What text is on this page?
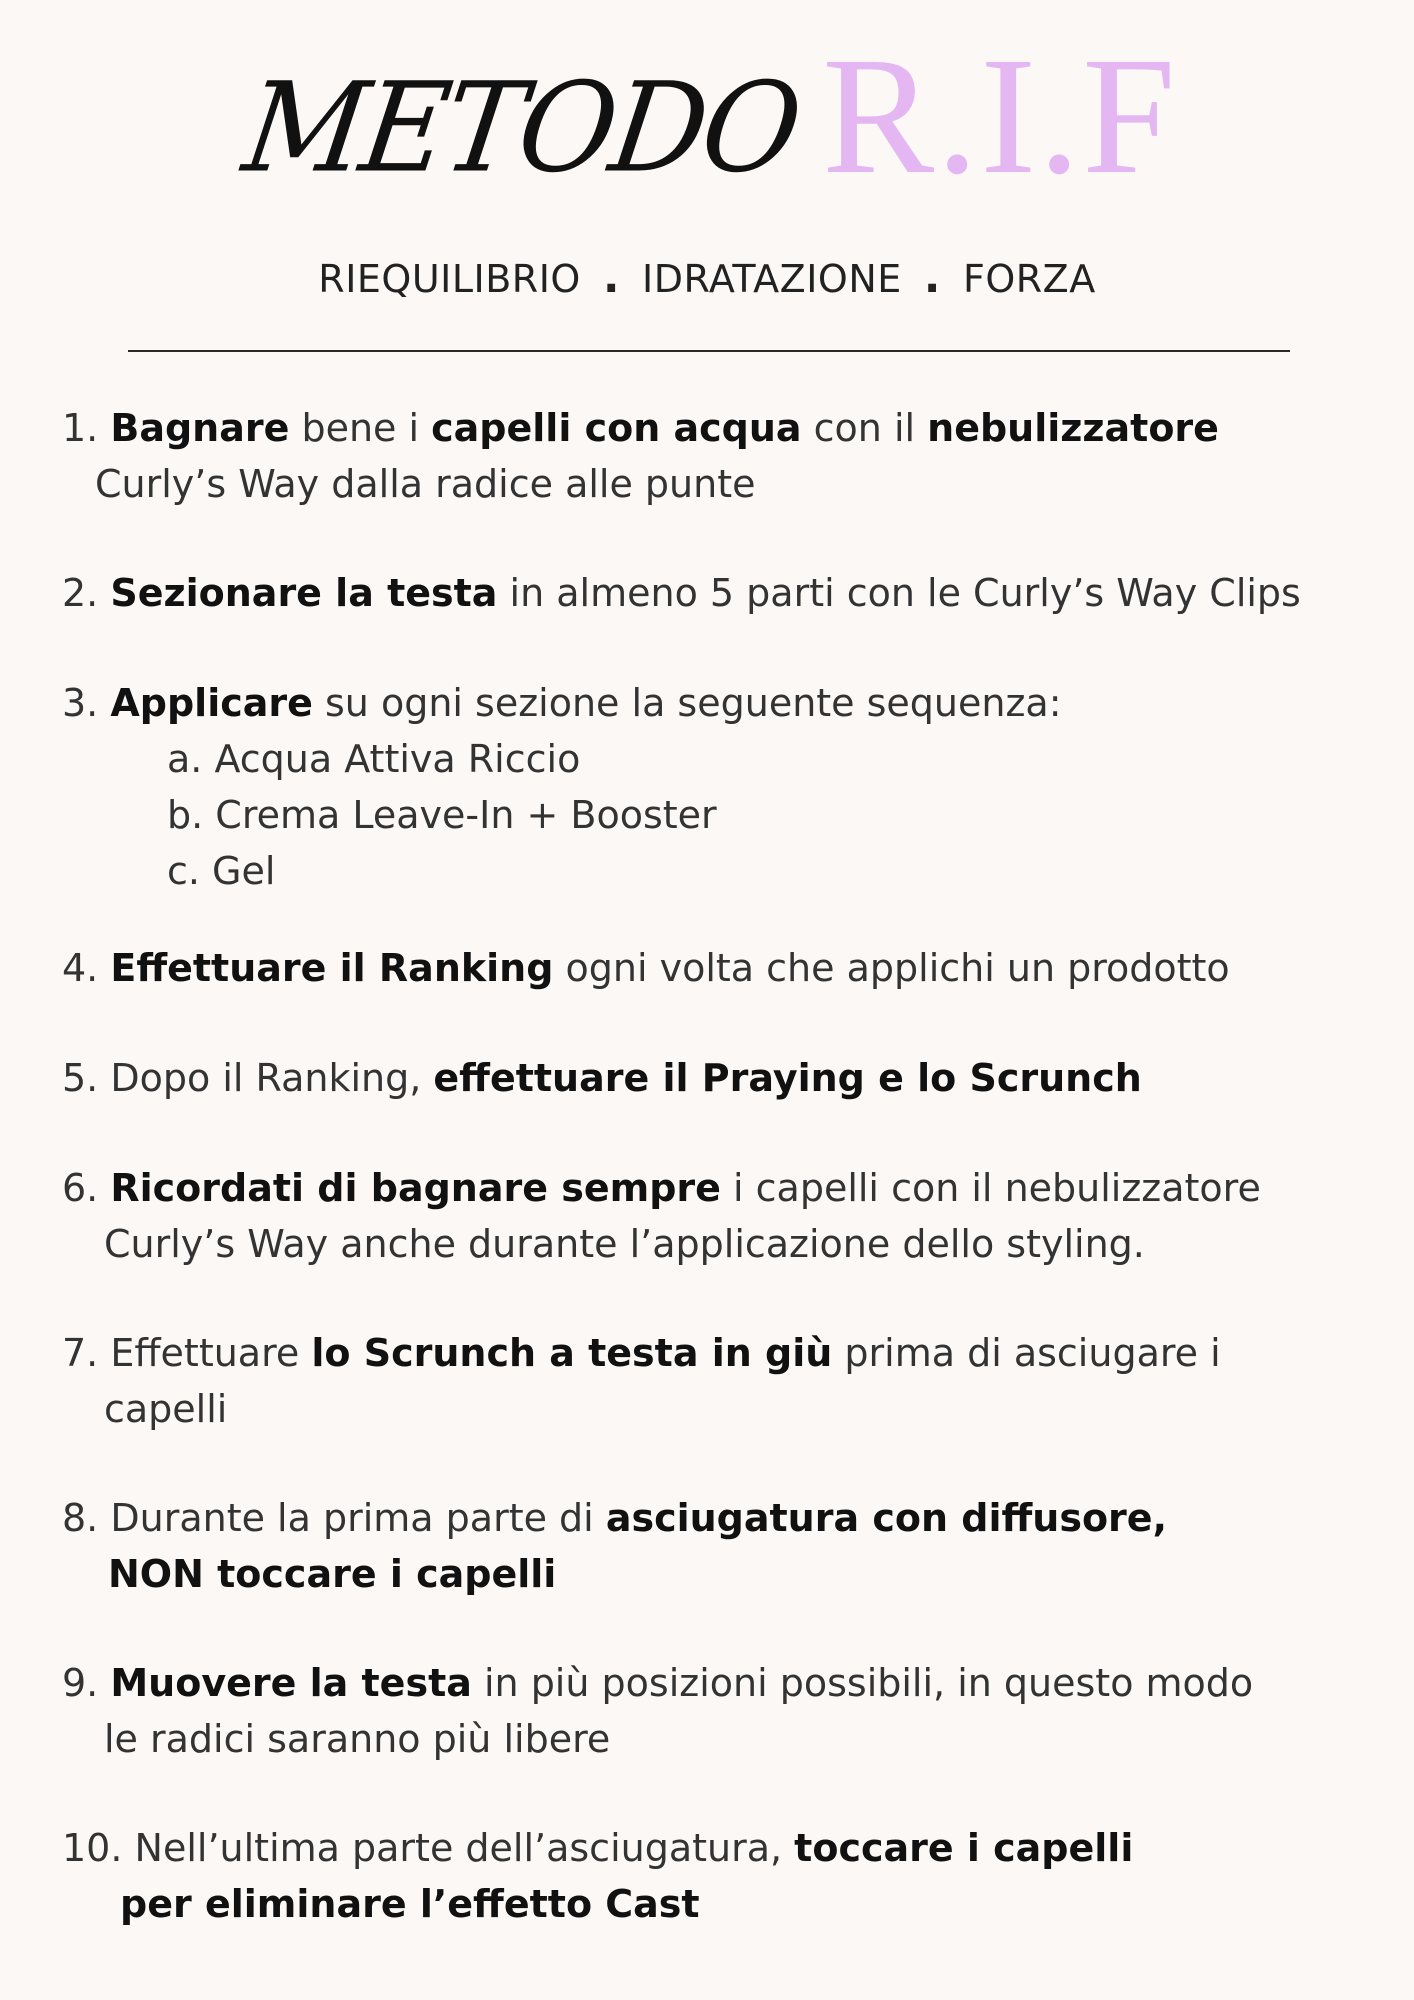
METODO R.I.F
RIEQUILIBRIO . IDRATAZIONE . FORZA
1. Bagnare bene i capelli con acqua con il nebulizzatore
Curly’s Way dalla radice alle punte
2. Sezionare la testa in almeno 5 parti con le Curly’s Way Clips
3. Applicare su ogni sezione la seguente sequenza:
a. Acqua Attiva Riccio
b. Crema Leave-In + Booster
c. Gel
4. Effettuare il Ranking ogni volta che applichi un prodotto
5. Dopo il Ranking, effettuare il Praying e lo Scrunch
6. Ricordati di bagnare sempre i capelli con il nebulizzatore
Curly’s Way anche durante l’applicazione dello styling.
7. Effettuare lo Scrunch a testa in giù prima di asciugare i
capelli
8. Durante la prima parte di asciugatura con diffusore,
NON toccare i capelli
9. Muovere la testa in più posizioni possibili, in questo modo
le radici saranno più libere
10. Nell’ultima parte dell’asciugatura, toccare i capelli
per eliminare l’effetto Cast
